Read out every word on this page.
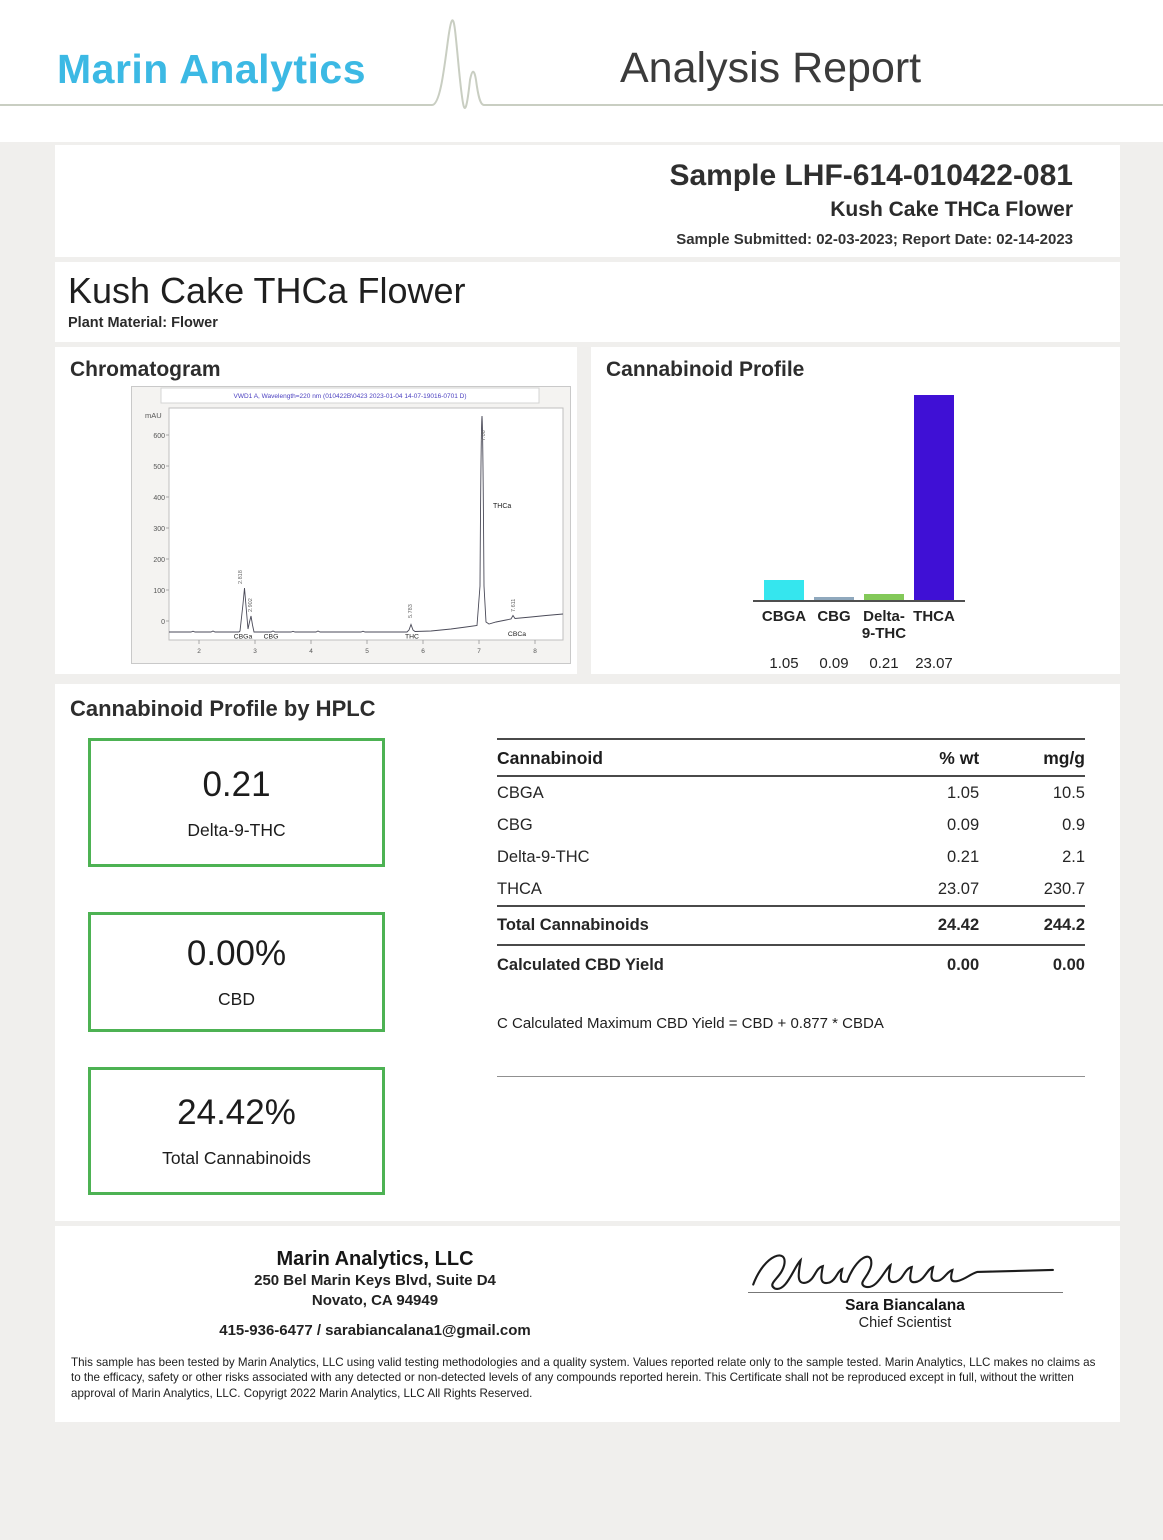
Marin Analytics	Analysis Report
Sample LHF-614-010422-081
Kush Cake THCa Flower
Sample Submitted: 02-03-2023; Report Date: 02-14-2023
Kush Cake THCa Flower
Plant Material: Flower
Chromatogram
VWD1 A, Wavelength=220 nm (010422B\0423 2023-01-04 14-07-19016-0701 D)
mAU
600
500
400
300
200
100
0
2	3	4	5	6	7	8
2.818
2.902	5.783
7.06
7.611
CBGa CBG	THC
THCa
CBCa
Cannabinoid Profile
CBGA CBG Delta-9-THC
THCA
1.05	0.09	0.21	23.07
Cannabinoid Profile by HPLC
0.21
Delta-9-THC
0.00%
CBD
24.42%
Total Cannabinoids
Cannabinoid	% wt	mg/g
CBGA	1.05	10.5
CBG	0.09	0.9
Delta-9-THC	0.21	2.1
THCA	23.07	230.7
Total Cannabinoids	24.42	244.2
Calculated CBD Yield	0.00	0.00
C Calculated Maximum CBD Yield = CBD + 0.877 * CBDA
Marin Analytics, LLC
250 Bel Marin Keys Blvd, Suite D4
Novato, CA 94949
415-936-6477 / sarabiancalana1@gmail.com
Sara Biancalana
Chief Scientist
This sample has been tested by Marin Analytics, LLC using valid testing methodologies and a quality system. Values reported relate only to the sample tested. Marin Analytics, LLC makes no claims as to the efficacy, safety or other risks associated with any detected or non-detected levels of any compounds reported herein. This Certificate shall not be reproduced except in full, without the written approval of Marin Analytics, LLC. Copyrigt 2022 Marin Analytics, LLC All Rights Reserved.
